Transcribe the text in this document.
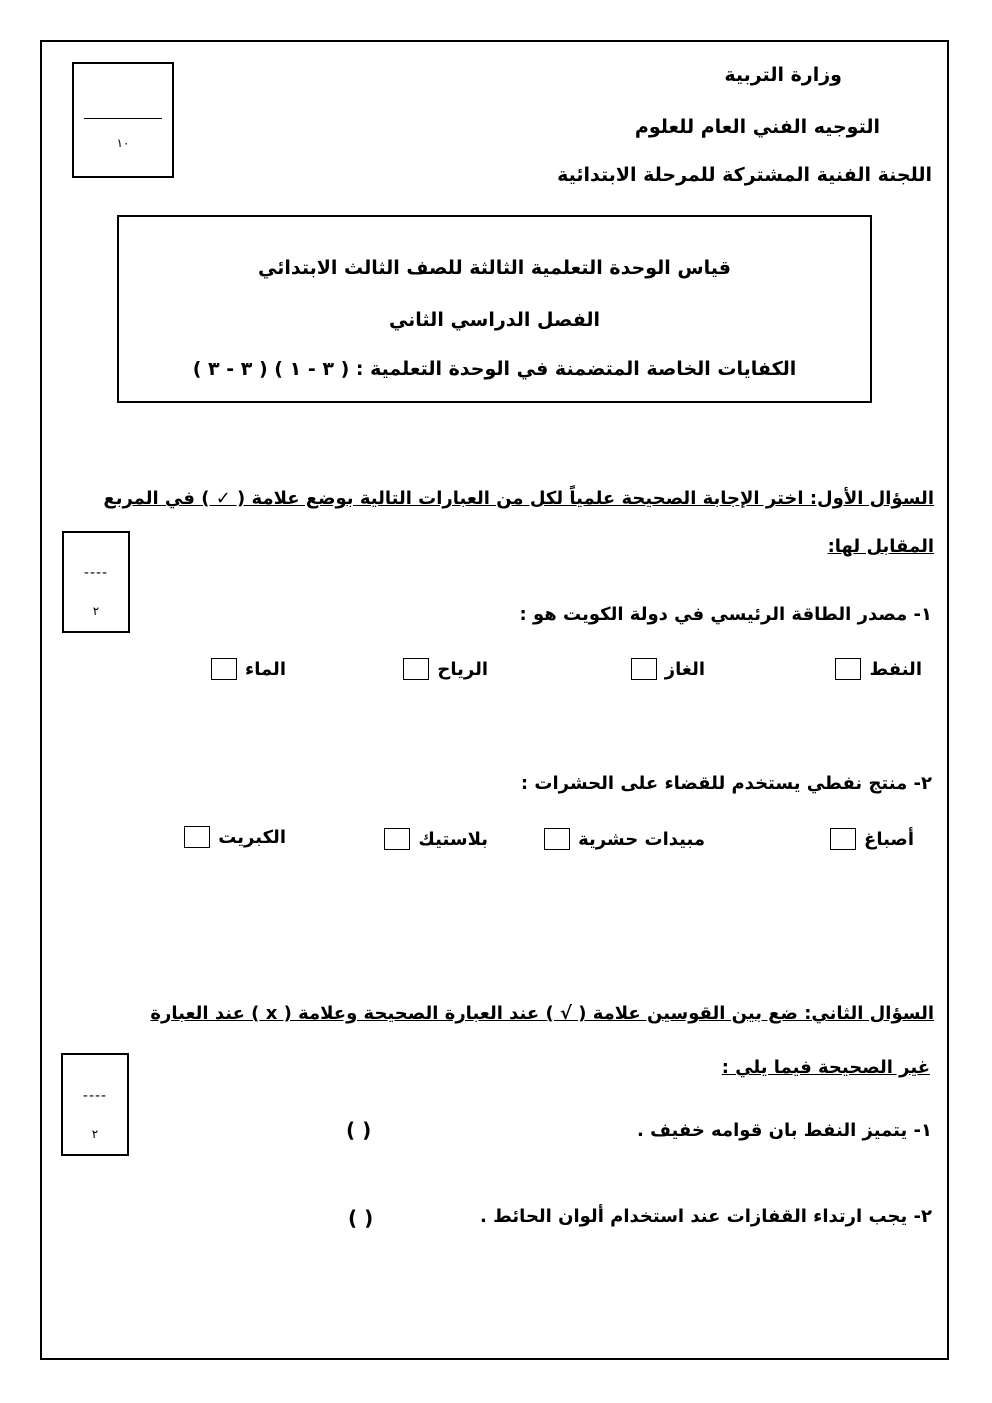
١٠
وزارة التربية
التوجيه الفني العام للعلوم
اللجنة الفنية المشتركة للمرحلة الابتدائية
قياس الوحدة التعلمية الثالثة للصف الثالث الابتدائي
الفصل الدراسي الثاني
الكفايات الخاصة المتضمنة في الوحدة التعلمية : ( ٣ - ١ ) ( ٣ - ٣ )
السؤال الأول: اختر الإجابة الصحيحة علمياً لكل من العبارات التالية بوضع علامة ( ✓ ) في المربع
المقابل لها:
----
٢	١- مصدر الطاقة الرئيسي في دولة الكويت هو :
النفط
الغاز
الرياح
الماء
٢- منتج نفطي يستخدم للقضاء على الحشرات :
أصباغ
مبيدات حشرية
بلاستيك
الكبريت
السؤال الثاني: ضع بين القوسين علامة ( √ ) عند العبارة الصحيحة وعلامة ( x ) عند العبارة
غير الصحيحة فيما يلي :
----
٢	١- يتميز النفط بان قوامه خفيف .
( )
٢- يجب ارتداء القفازات عند استخدام ألوان الحائط .
( )
